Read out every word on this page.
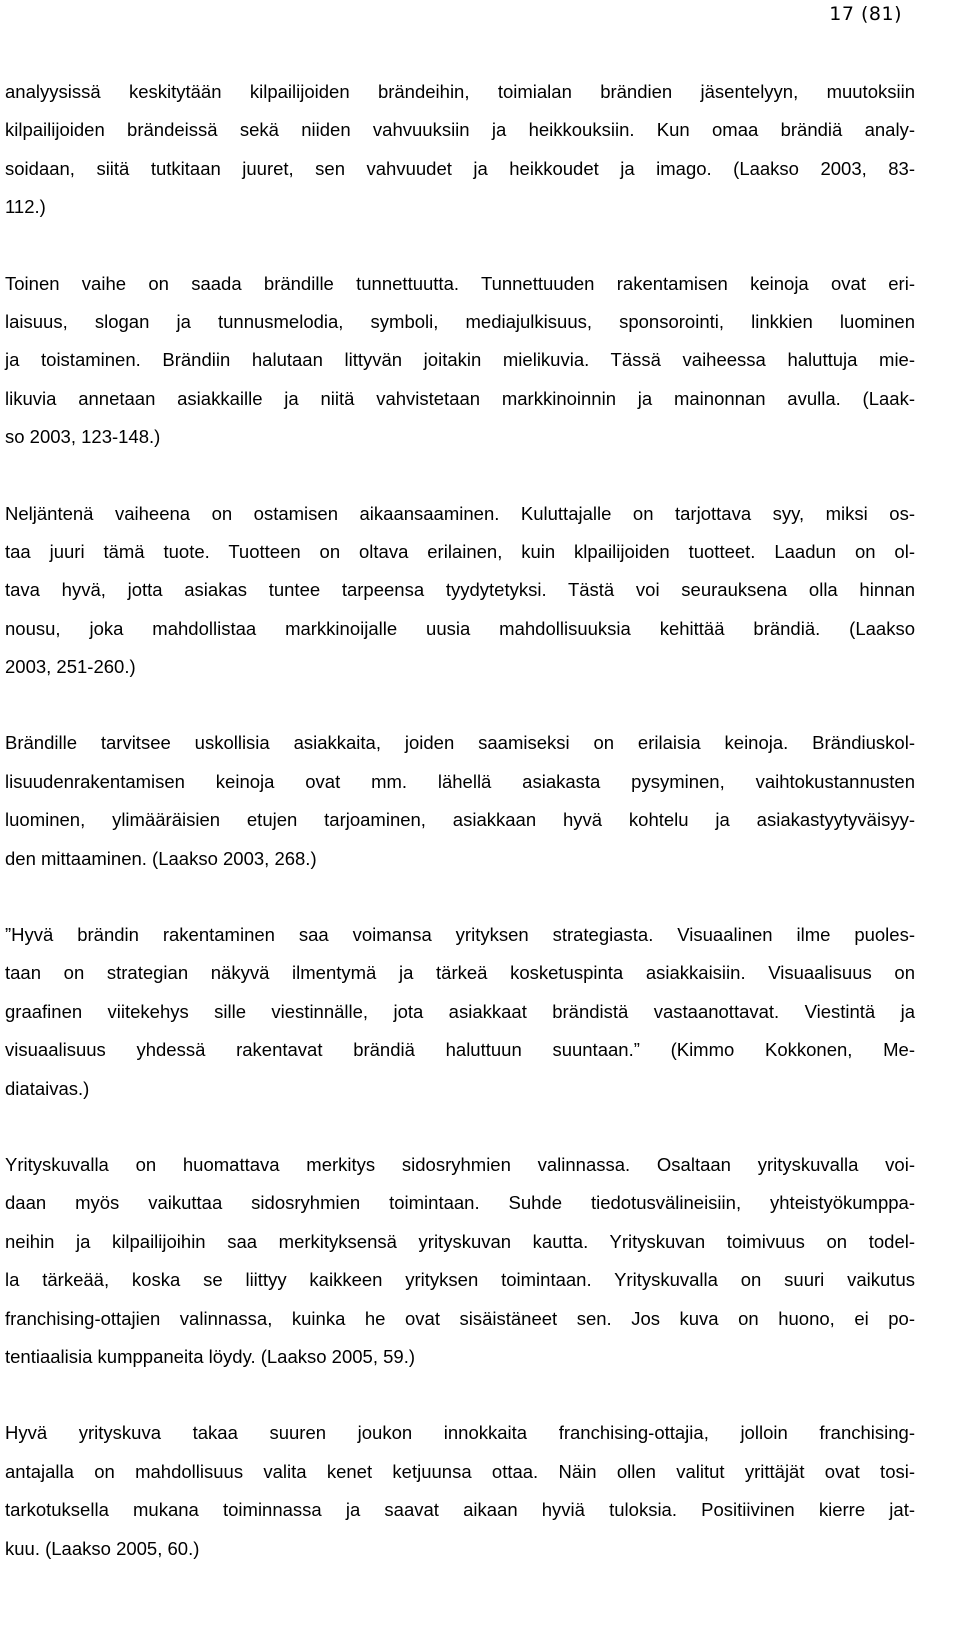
17 (81)

analyysissä keskitytään kilpailijoiden brändeihin, toimialan brändien jäsentelyyn, muutoksiin
kilpailijoiden brändeissä sekä niiden vahvuuksiin ja heikkouksiin. Kun omaa brändiä analy-
soidaan, siitä tutkitaan juuret, sen vahvuudet ja heikkoudet ja imago. (Laakso 2003, 83-
112.)

Toinen vaihe on saada brändille tunnettuutta. Tunnettuuden rakentamisen keinoja ovat eri-
laisuus, slogan ja tunnusmelodia, symboli, mediajulkisuus, sponsorointi, linkkien luominen
ja toistaminen. Brändiin halutaan littyvän joitakin mielikuvia. Tässä vaiheessa haluttuja mie-
likuvia annetaan asiakkaille ja niitä vahvistetaan markkinoinnin ja mainonnan avulla. (Laak-
so 2003, 123-148.)

Neljäntenä vaiheena on ostamisen aikaansaaminen. Kuluttajalle on tarjottava syy, miksi os-
taa juuri tämä tuote. Tuotteen on oltava erilainen, kuin klpailijoiden tuotteet. Laadun on ol-
tava hyvä, jotta asiakas tuntee tarpeensa tyydytetyksi. Tästä voi seurauksena olla hinnan
nousu, joka mahdollistaa markkinoijalle uusia mahdollisuuksia kehittää brändiä. (Laakso
2003, 251-260.)

Brändille tarvitsee uskollisia asiakkaita, joiden saamiseksi on erilaisia keinoja. Brändiuskol-
lisuudenrakentamisen keinoja ovat mm. lähellä asiakasta pysyminen, vaihtokustannusten
luominen, ylimääräisien etujen tarjoaminen, asiakkaan hyvä kohtelu ja asiakastyytyväisyy-
den mittaaminen. (Laakso 2003, 268.)

”Hyvä brändin rakentaminen saa voimansa yrityksen strategiasta. Visuaalinen ilme puoles-
taan on strategian näkyvä ilmentymä ja tärkeä kosketuspinta asiakkaisiin. Visuaalisuus on
graafinen viitekehys sille viestinnälle, jota asiakkaat brändistä vastaanottavat. Viestintä ja
visuaalisuus yhdessä rakentavat brändiä haluttuun suuntaan.” (Kimmo Kokkonen, Me-
diataivas.)

Yrityskuvalla on huomattava merkitys sidosryhmien valinnassa. Osaltaan yrityskuvalla voi-
daan myös vaikuttaa sidosryhmien toimintaan. Suhde tiedotusvälineisiin, yhteistyökumppa-
neihin ja kilpailijoihin saa merkityksensä yrityskuvan kautta. Yrityskuvan toimivuus on todel-
la tärkeää, koska se liittyy kaikkeen yrityksen toimintaan. Yrityskuvalla on suuri vaikutus
franchising-ottajien valinnassa, kuinka he ovat sisäistäneet sen. Jos kuva on huono, ei po-
tentiaalisia kumppaneita löydy. (Laakso 2005, 59.)

Hyvä yrityskuva takaa suuren joukon innokkaita franchising-ottajia, jolloin franchising-
antajalla on mahdollisuus valita kenet ketjuunsa ottaa. Näin ollen valitut yrittäjät ovat tosi-
tarkotuksella mukana toiminnassa ja saavat aikaan hyviä tuloksia. Positiivinen kierre jat-
kuu. (Laakso 2005, 60.)
